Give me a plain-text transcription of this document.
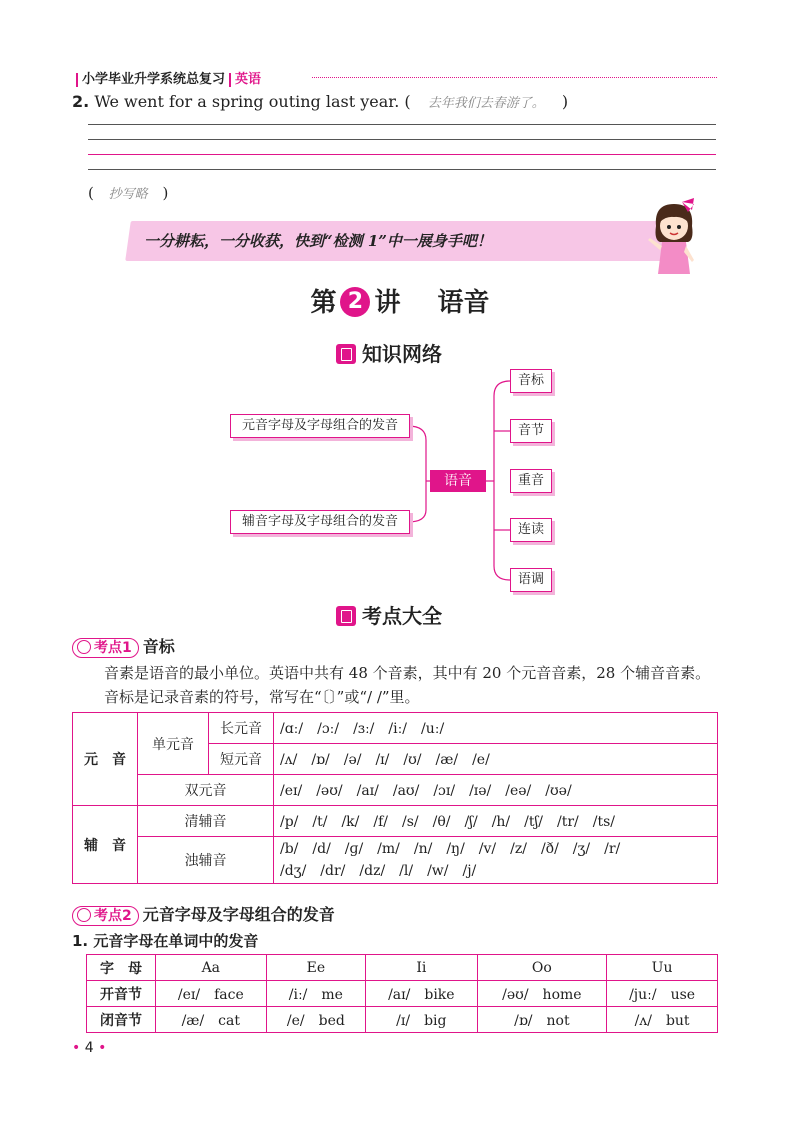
小学毕业升学系统总复习 英语
2. We went for a spring outing last year. ( 去年我们去春游了。 )
( 抄写略 )
一分耕耘，一分收获，快到“检测 1”中一展身手吧！
第 2 讲 语音
知识网络
元音字母及字母组合的发音
辅音字母及字母组合的发音
语音
音标
音节
重音
连读
语调
考点大全
考点1 音标
音素是语音的最小单位。英语中共有 48 个音素，其中有 20 个元音音素，28 个辅音音素。
音标是记录音素的符号，常写在“〔〕”或“/ /”里。
元　音	单元音	长元音	/ɑː/　/ɔː/　/ɜː/　/iː/　/uː/
		短元音	/ʌ/　/ɒ/　/ə/　/ɪ/　/ʊ/　/æ/　/e/
	双元音		/eɪ/　/əʊ/　/aɪ/　/aʊ/　/ɔɪ/　/ɪə/　/eə/　/ʊə/
辅　音	清辅音		/p/　/t/　/k/　/f/　/s/　/θ/　/ʃ/　/h/　/tʃ/　/tr/　/ts/
	浊辅音		/b/　/d/　/ɡ/　/m/　/n/　/ŋ/　/v/　/z/　/ð/　/ʒ/　/r/
/dʒ/　/dr/　/dz/　/l/　/w/　/j/
考点2 元音字母及字母组合的发音
1. 元音字母在单词中的发音
字　母	Aa	Ee	Ii	Oo	Uu
开音节	/eɪ/　face	/iː/　me	/aɪ/　bike	/əʊ/　home	/juː/　use
闭音节	/æ/　cat	/e/　bed	/ɪ/　big	/ɒ/　not	/ʌ/　but
• 4 •
